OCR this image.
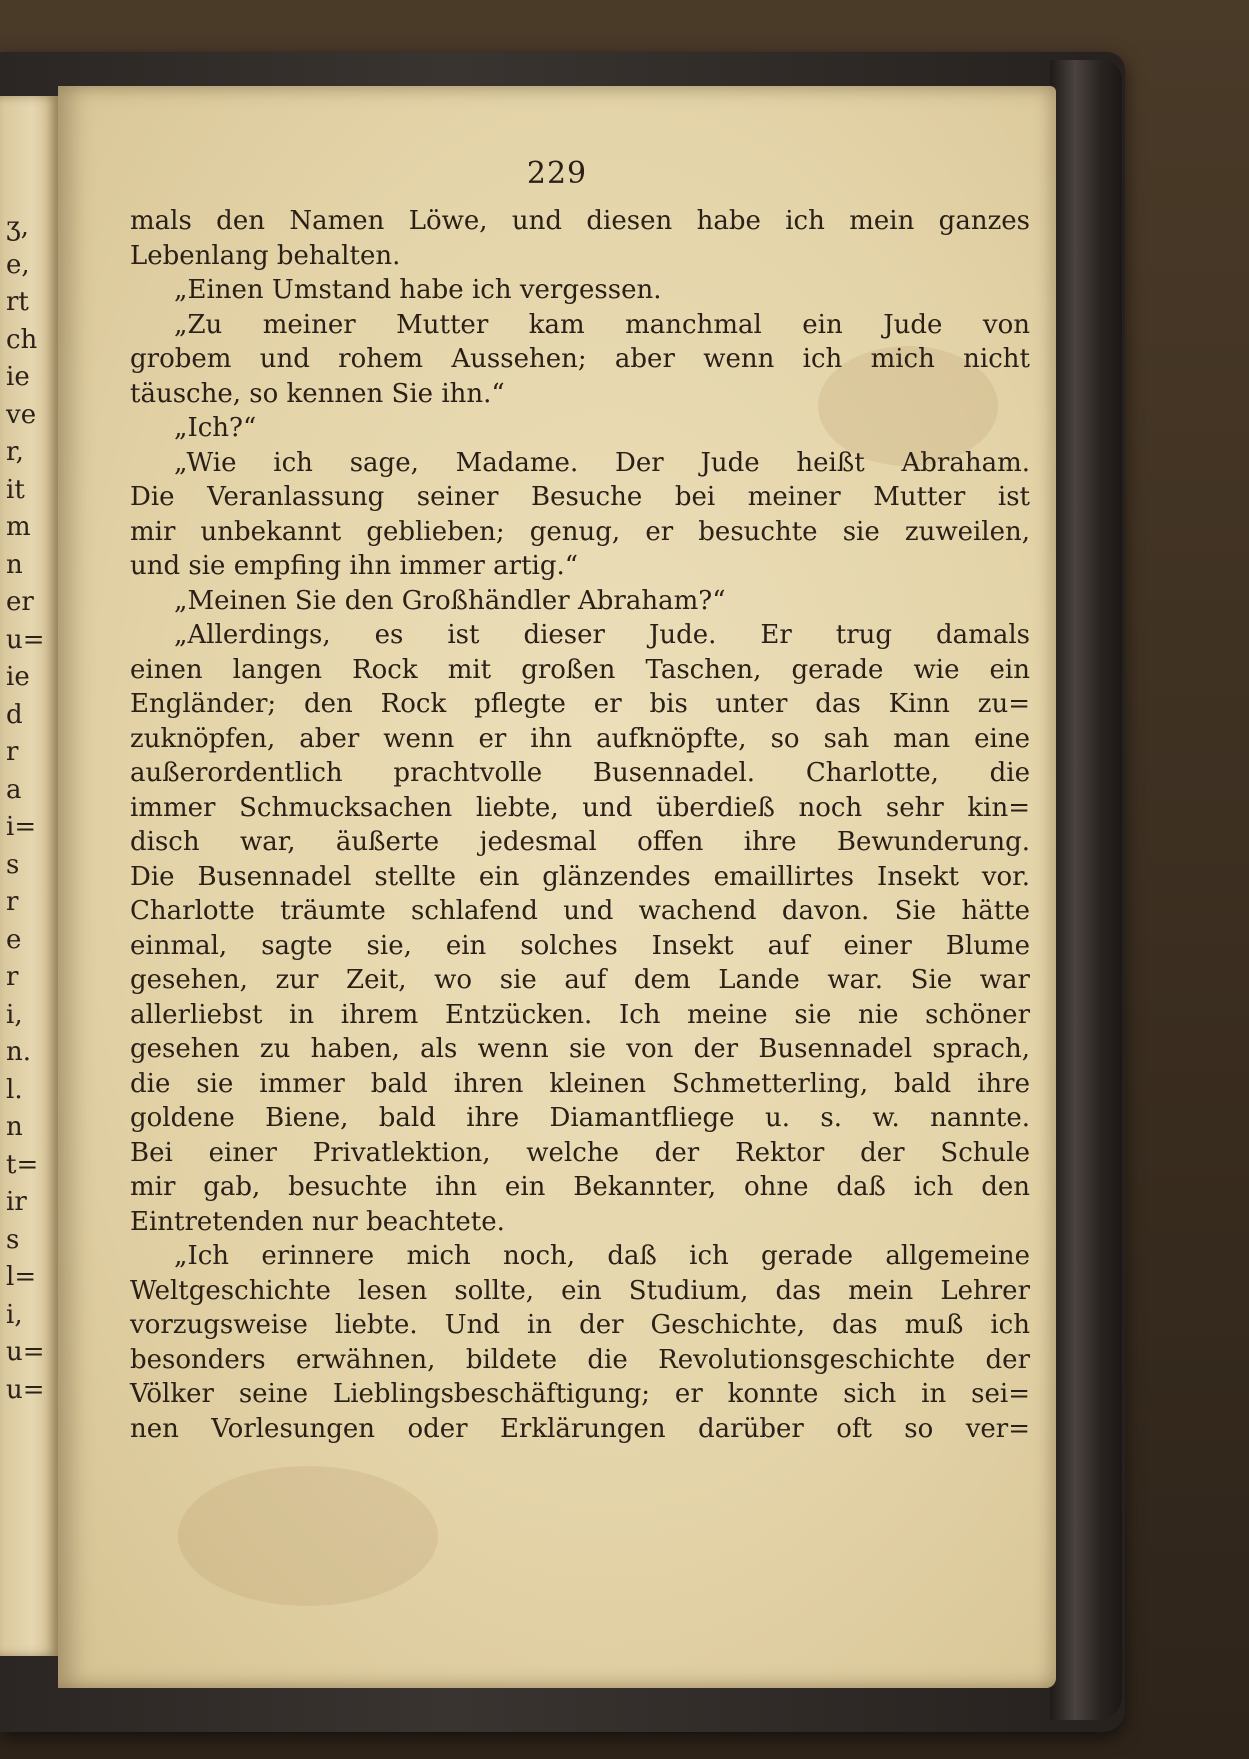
ʒ,
e,
rt
ch
ie
ve
r,
it
m
n
er
u=
ie
d
r
a
i=
s
r
e
r
i,
n.
l.
n
t=
ir
s
l=
i,
u=
u=
229
mals den Namen Löwe, und diesen habe ich mein ganzes
Lebenlang behalten.
„Einen Umstand habe ich vergessen.
„Zu meiner Mutter kam manchmal ein Jude von
grobem und rohem Aussehen; aber wenn ich mich nicht
täusche, so kennen Sie ihn.“
„Ich?“
„Wie ich sage, Madame. Der Jude heißt Abraham.
Die Veranlassung seiner Besuche bei meiner Mutter ist
mir unbekannt geblieben; genug, er besuchte sie zuweilen,
und sie empfing ihn immer artig.“
„Meinen Sie den Großhändler Abraham?“
„Allerdings, es ist dieser Jude. Er trug damals
einen langen Rock mit großen Taschen, gerade wie ein
Engländer; den Rock pflegte er bis unter das Kinn zu=
zuknöpfen, aber wenn er ihn aufknöpfte, so sah man eine
außerordentlich prachtvolle Busennadel. Charlotte, die
immer Schmucksachen liebte, und überdieß noch sehr kin=
disch war, äußerte jedesmal offen ihre Bewunderung.
Die Busennadel stellte ein glänzendes emaillirtes Insekt vor.
Charlotte träumte schlafend und wachend davon. Sie hätte
einmal, sagte sie, ein solches Insekt auf einer Blume
gesehen, zur Zeit, wo sie auf dem Lande war. Sie war
allerliebst in ihrem Entzücken. Ich meine sie nie schöner
gesehen zu haben, als wenn sie von der Busennadel sprach,
die sie immer bald ihren kleinen Schmetterling, bald ihre
goldene Biene, bald ihre Diamantfliege u. s. w. nannte.
Bei einer Privatlektion, welche der Rektor der Schule
mir gab, besuchte ihn ein Bekannter, ohne daß ich den
Eintretenden nur beachtete.
„Ich erinnere mich noch, daß ich gerade allgemeine
Weltgeschichte lesen sollte, ein Studium, das mein Lehrer
vorzugsweise liebte. Und in der Geschichte, das muß ich
besonders erwähnen, bildete die Revolutionsgeschichte der
Völker seine Lieblingsbeschäftigung; er konnte sich in sei=
nen Vorlesungen oder Erklärungen darüber oft so ver=
